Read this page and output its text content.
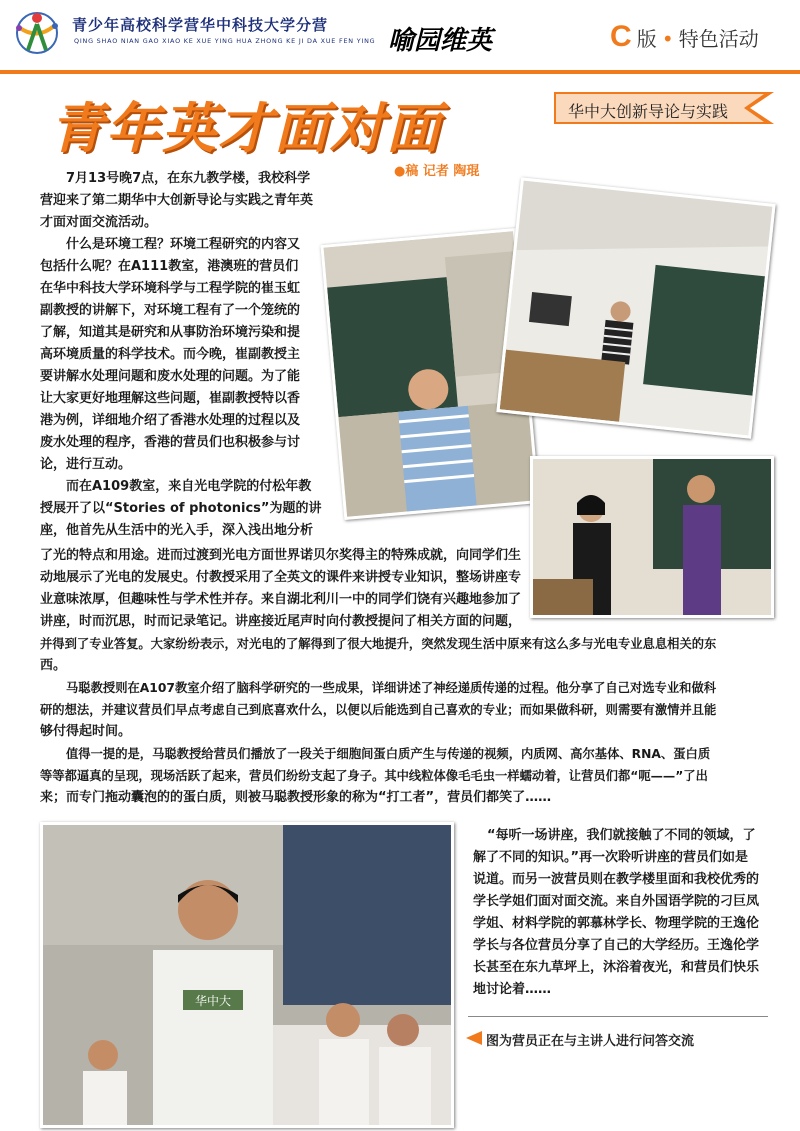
青少年高校科学营华中科技大学分营
QING SHAO NIAN GAO XIAO KE XUE YING HUA ZHONG KE JI DA XUE FEN YING 喻园维英	C 版 • 特色活动
青年英才面对面	华中大创新导论与实践
●稿 记者 陶琨
7月13号晚7点，在东九教学楼，我校科学
营迎来了第二期华中大创新导论与实践之青年英
才面对面交流活动。
什么是环境工程？环境工程研究的内容又
包括什么呢？在A111教室，港澳班的营员们
在华中科技大学环境科学与工程学院的崔玉虹
副教授的讲解下，对环境工程有了一个笼统的
了解，知道其是研究和从事防治环境污染和提
高环境质量的科学技术。而今晚，崔副教授主
要讲解水处理问题和废水处理的问题。为了能
让大家更好地理解这些问题，崔副教授特以香
港为例，详细地介绍了香港水处理的过程以及
废水处理的程序，香港的营员们也积极参与讨
论，进行互动。
而在A109教室，来自光电学院的付松年教
授展开了以“Stories of photonics”为题的讲
座，他首先从生活中的光入手，深入浅出地分析
了光的特点和用途。进而过渡到光电方面世界诺贝尔奖得主的特殊成就，向同学们生
动地展示了光电的发展史。付教授采用了全英文的课件来讲授专业知识，整场讲座专
业意味浓厚，但趣味性与学术性并存。来自湖北利川一中的同学们饶有兴趣地参加了
讲座，时而沉思，时而记录笔记。讲座接近尾声时向付教授提问了相关方面的问题，
并得到了专业答复。大家纷纷表示，对光电的了解得到了很大地提升，突然发现生活中原来有这么多与光电专业息息相关的东
西。
马聪教授则在A107教室介绍了脑科学研究的一些成果，详细讲述了神经递质传递的过程。他分享了自己对选专业和做科
研的想法，并建议营员们早点考虑自己到底喜欢什么，以便以后能选到自己喜欢的专业；而如果做科研，则需要有激情并且能
够付得起时间。
值得一提的是，马聪教授给营员们播放了一段关于细胞间蛋白质产生与传递的视频，内质网、高尔基体、RNA、蛋白质
等等都逼真的呈现，现场活跃了起来，营员们纷纷支起了身子。其中线粒体像毛毛虫一样蠕动着，让营员们都“呃——”了出
来；而专门拖动囊泡的的蛋白质，则被马聪教授形象的称为“打工者”，营员们都笑了……
“每听一场讲座，我们就接触了不同的领域，了
解了不同的知识。”再一次聆听讲座的营员们如是
说道。而另一波营员则在教学楼里面和我校优秀的
学长学姐们面对面交流。来自外国语学院的刁巨凤
学姐、材料学院的郭慕林学长、物理学院的王逸伦
学长与各位营员分享了自己的大学经历。王逸伦学
长甚至在东九草坪上，沐浴着夜光，和营员们快乐
地讨论着……
华中大
图为营员正在与主讲人进行问答交流
